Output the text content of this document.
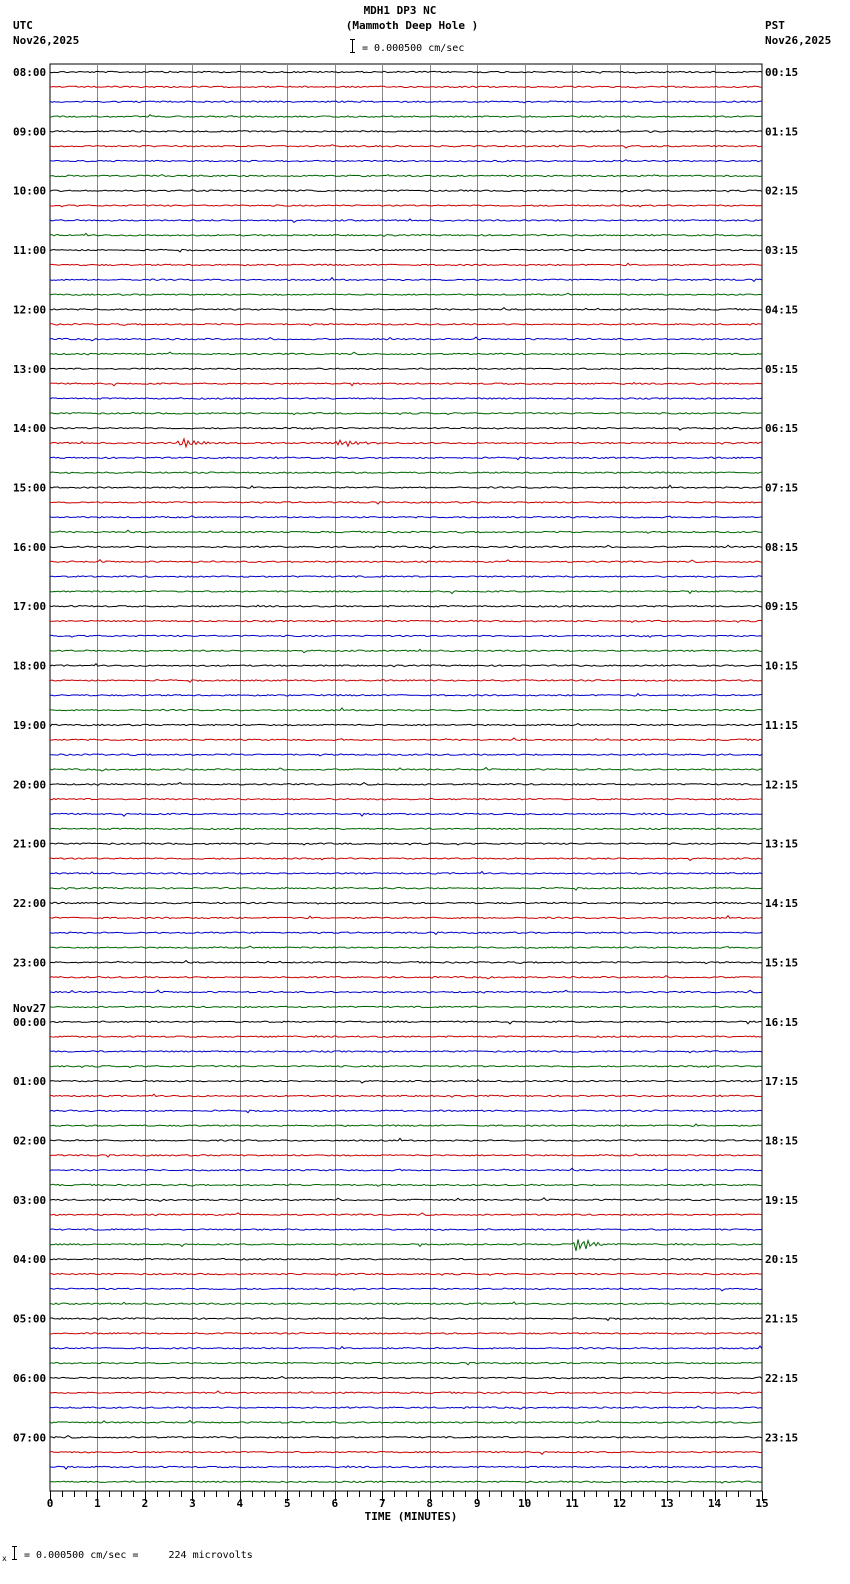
MDH1 DP3 NC
(Mammoth Deep Hole )
= 0.000500 cm/sec
UTC
Nov26,2025
PST
Nov26,2025
08:00
09:00
10:00
11:00
12:00
13:00
14:00
15:00
16:00
17:00
18:00
19:00
20:00
21:00
22:00
23:00
00:00
Nov27
01:00
02:00
03:00
04:00
05:00
06:00
07:00
00:15
01:15
02:15
03:15
04:15
05:15
06:15
07:15
08:15
09:15
10:15
11:15
12:15
13:15
14:15
15:15
16:15
17:15
18:15
19:15
20:15
21:15
22:15
23:15
0	1	2	3	4	5	6	7	8	9	10	11	12	13	14	15
TIME (MINUTES)
x = 0.000500 cm/sec =     224 microvolts
